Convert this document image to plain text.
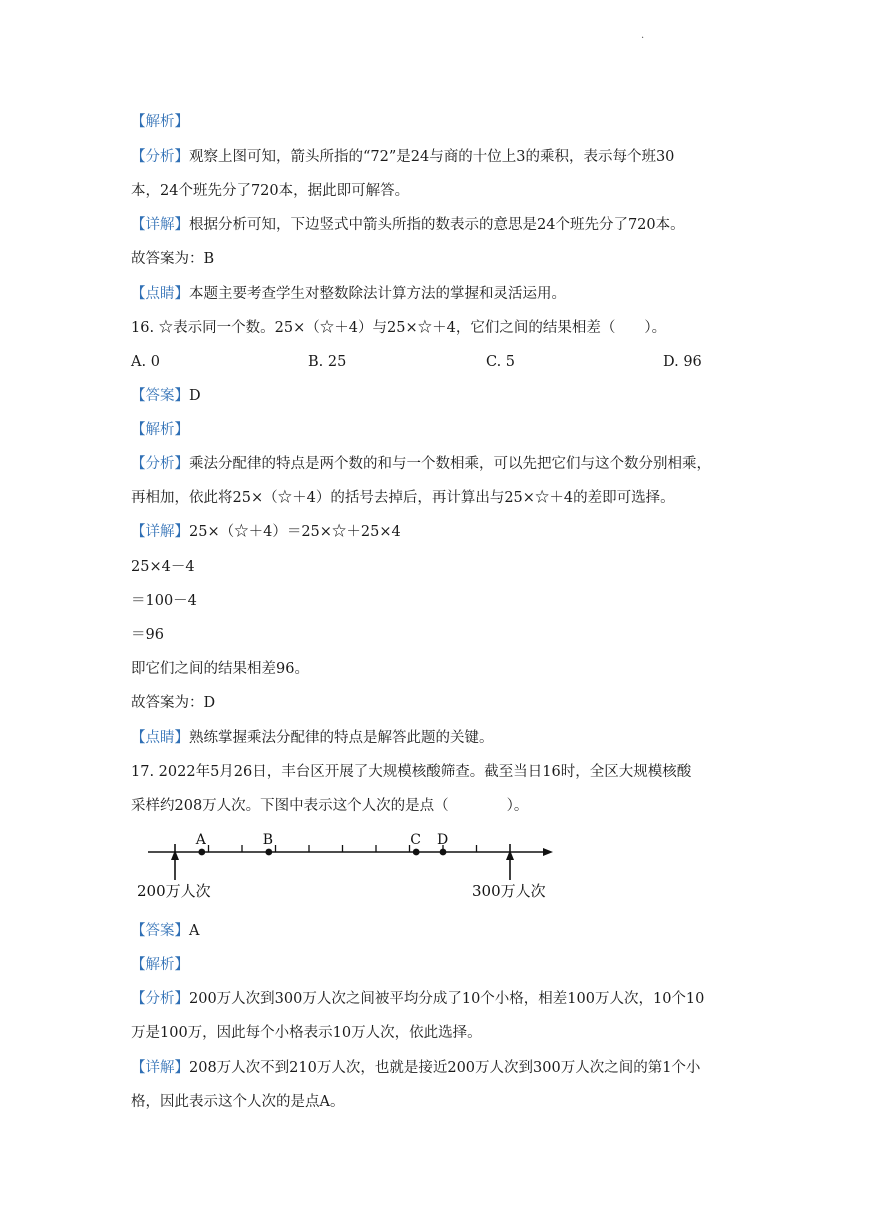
.
【解析】
【分析】观察上图可知，箭头所指的“72”是24与商的十位上3的乘积，表示每个班30
本，24个班先分了720本，据此即可解答。
【详解】根据分析可知，下边竖式中箭头所指的数表示的意思是24个班先分了720本。
故答案为：B
【点睛】本题主要考查学生对整数除法计算方法的掌握和灵活运用。
16. ☆表示同一个数。25×（☆＋4）与25×☆＋4，它们之间的结果相差（　　）。
A. 0	B. 25	C. 5	D. 96
【答案】D
【解析】
【分析】乘法分配律的特点是两个数的和与一个数相乘，可以先把它们与这个数分别相乘，
再相加，依此将25×（☆＋4）的括号去掉后，再计算出与25×☆＋4的差即可选择。
【详解】25×（☆＋4）＝25×☆＋25×4
25×4－4
＝100－4
＝96
即它们之间的结果相差96。
故答案为：D
【点睛】熟练掌握乘法分配律的特点是解答此题的关键。
17. 2022年5月26日，丰台区开展了大规模核酸筛查。截至当日16时，全区大规模核酸
采样约208万人次。下图中表示这个人次的是点（　　　　）。
200万人次	300万人次
A	B	C D
【答案】A
【解析】
【分析】200万人次到300万人次之间被平均分成了10个小格，相差100万人次，10个10
万是100万，因此每个小格表示10万人次，依此选择。
【详解】208万人次不到210万人次，也就是接近200万人次到300万人次之间的第1个小
格，因此表示这个人次的是点A。
